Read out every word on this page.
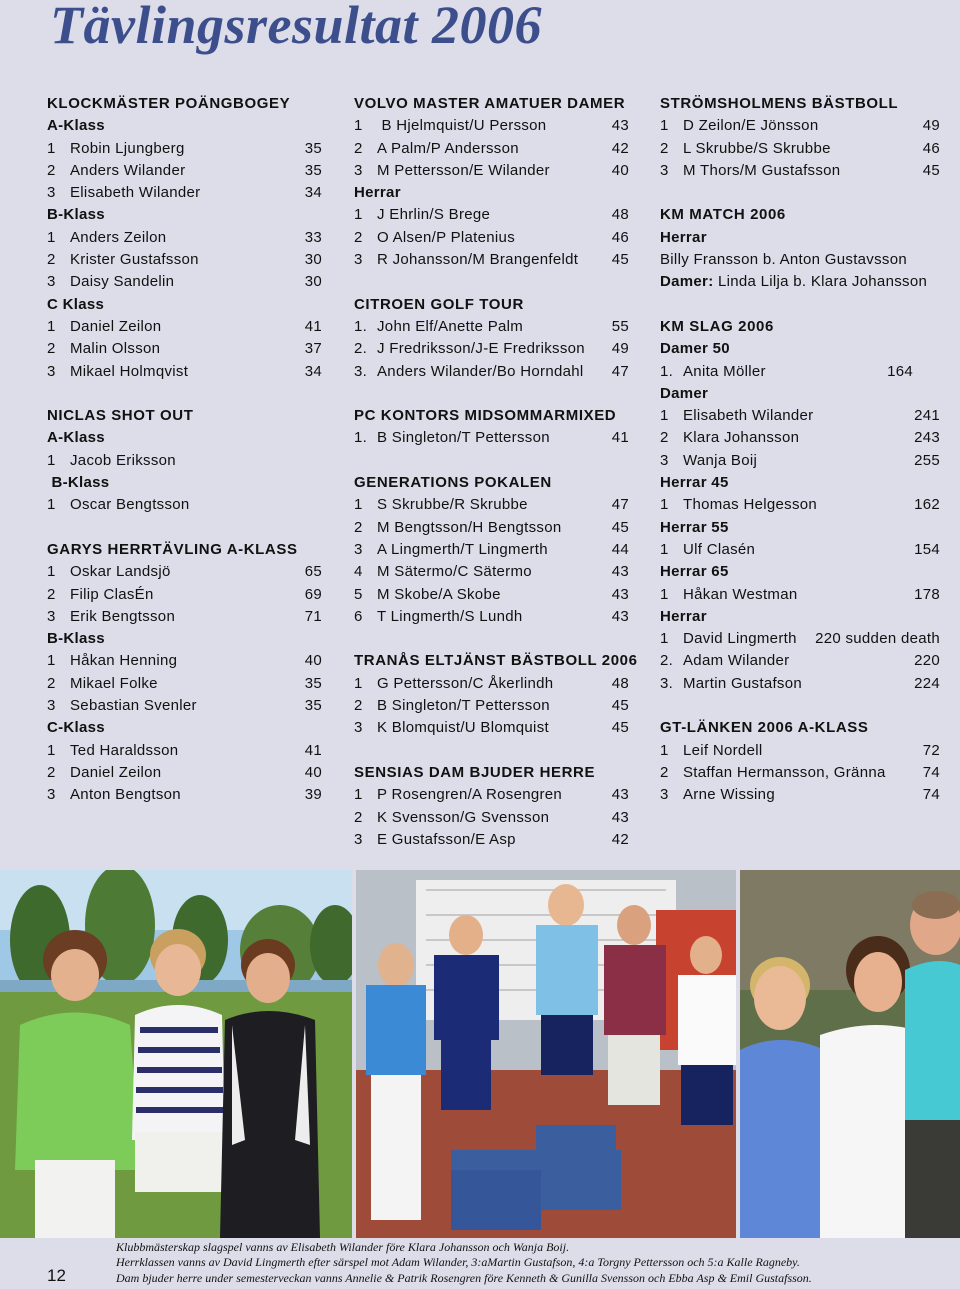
Tävlingsresultat 2006
KLOCKMÄSTER POÄNGBOGEY
A-Klass
1 Robin Ljungberg	35
2 Anders Wilander	35
3 Elisabeth Wilander	34
B-Klass
1 Anders Zeilon	33
2 Krister Gustafsson	30
3 Daisy Sandelin	30
C Klass
1 Daniel Zeilon	41
2 Malin Olsson	37
3 Mikael Holmqvist	34
NICLAS SHOT OUT
A-Klass
1 Jacob Eriksson
B-Klass
1 Oscar Bengtsson
GARYS HERRTÄVLING A-KLASS
1 Oskar Landsjö	65
2 Filip ClasÉn	69
3 Erik Bengtsson	71
B-Klass
1 Håkan Henning	40
2 Mikael Folke	35
3 Sebastian Svenler	35
C-Klass
1 Ted Haraldsson	41
2 Daniel Zeilon	40
3 Anton Bengtson	39
VOLVO MASTER AMATUER DAMER
1 B Hjelmquist/U Persson	43
2 A Palm/P Andersson	42
3 M Pettersson/E Wilander	40
Herrar
1 J Ehrlin/S Brege	48
2 O Alsen/P Platenius	46
3 R Johansson/M Brangenfeldt 45
CITROEN GOLF TOUR
1. John Elf/Anette Palm	55
2. J Fredriksson/J-E Fredriksson 49
3. Anders Wilander/Bo Horndahl 47
PC KONTORS MIDSOMMARMIXED
1. B Singleton/T Pettersson	41
GENERATIONS POKALEN
1 S Skrubbe/R Skrubbe	47
2 M Bengtsson/H Bengtsson	45
3 A Lingmerth/T Lingmerth	44
4 M Sätermo/C Sätermo	43
5 M Skobe/A Skobe	43
6 T Lingmerth/S Lundh	43
TRANÅS ELTJÄNST BÄSTBOLL 2006
1 G Pettersson/C Åkerlindh	48
2 B Singleton/T Pettersson	45
3 K Blomquist/U Blomquist	45
SENSIAS DAM BJUDER HERRE
1 P Rosengren/A Rosengren	43
2 K Svensson/G Svensson	43
3 E Gustafsson/E Asp	42
STRÖMSHOLMENS BÄSTBOLL
1 D Zeilon/E Jönsson	49
2 L Skrubbe/S Skrubbe	46
3 M Thors/M Gustafsson	45
KM MATCH 2006
Herrar
Billy Fransson b. Anton Gustavsson
Damer: Linda Lilja b. Klara Johansson
KM SLAG 2006
Damer 50
1. Anita Möller	164
Damer
1 Elisabeth Wilander	241
2 Klara Johansson	243
3 Wanja Boij	255
Herrar 45
1 Thomas Helgesson	162
Herrar 55
1 Ulf Clasén	154
Herrar 65
1 Håkan Westman	178
Herrar
1 David Lingmerth 220 sudden death
2. Adam Wilander	220
3. Martin Gustafson	224
GT-LÄNKEN 2006 A-KLASS
1 Leif Nordell	72
2 Staffan Hermansson, Gränna 74
3 Arne Wissing	74
12
Klubbmästerskap slagspel vanns av Elisabeth Wilander före Klara Johansson och Wanja Boij.
Herrklassen vanns av David Lingmerth efter särspel mot Adam Wilander, 3:aMartin Gustafson, 4:a Torgny Pettersson och 5:a Kalle Ragneby.
Dam bjuder herre under semesterveckan vanns Annelie & Patrik Rosengren före Kenneth & Gunilla Svensson och Ebba Asp & Emil Gustafsson.
